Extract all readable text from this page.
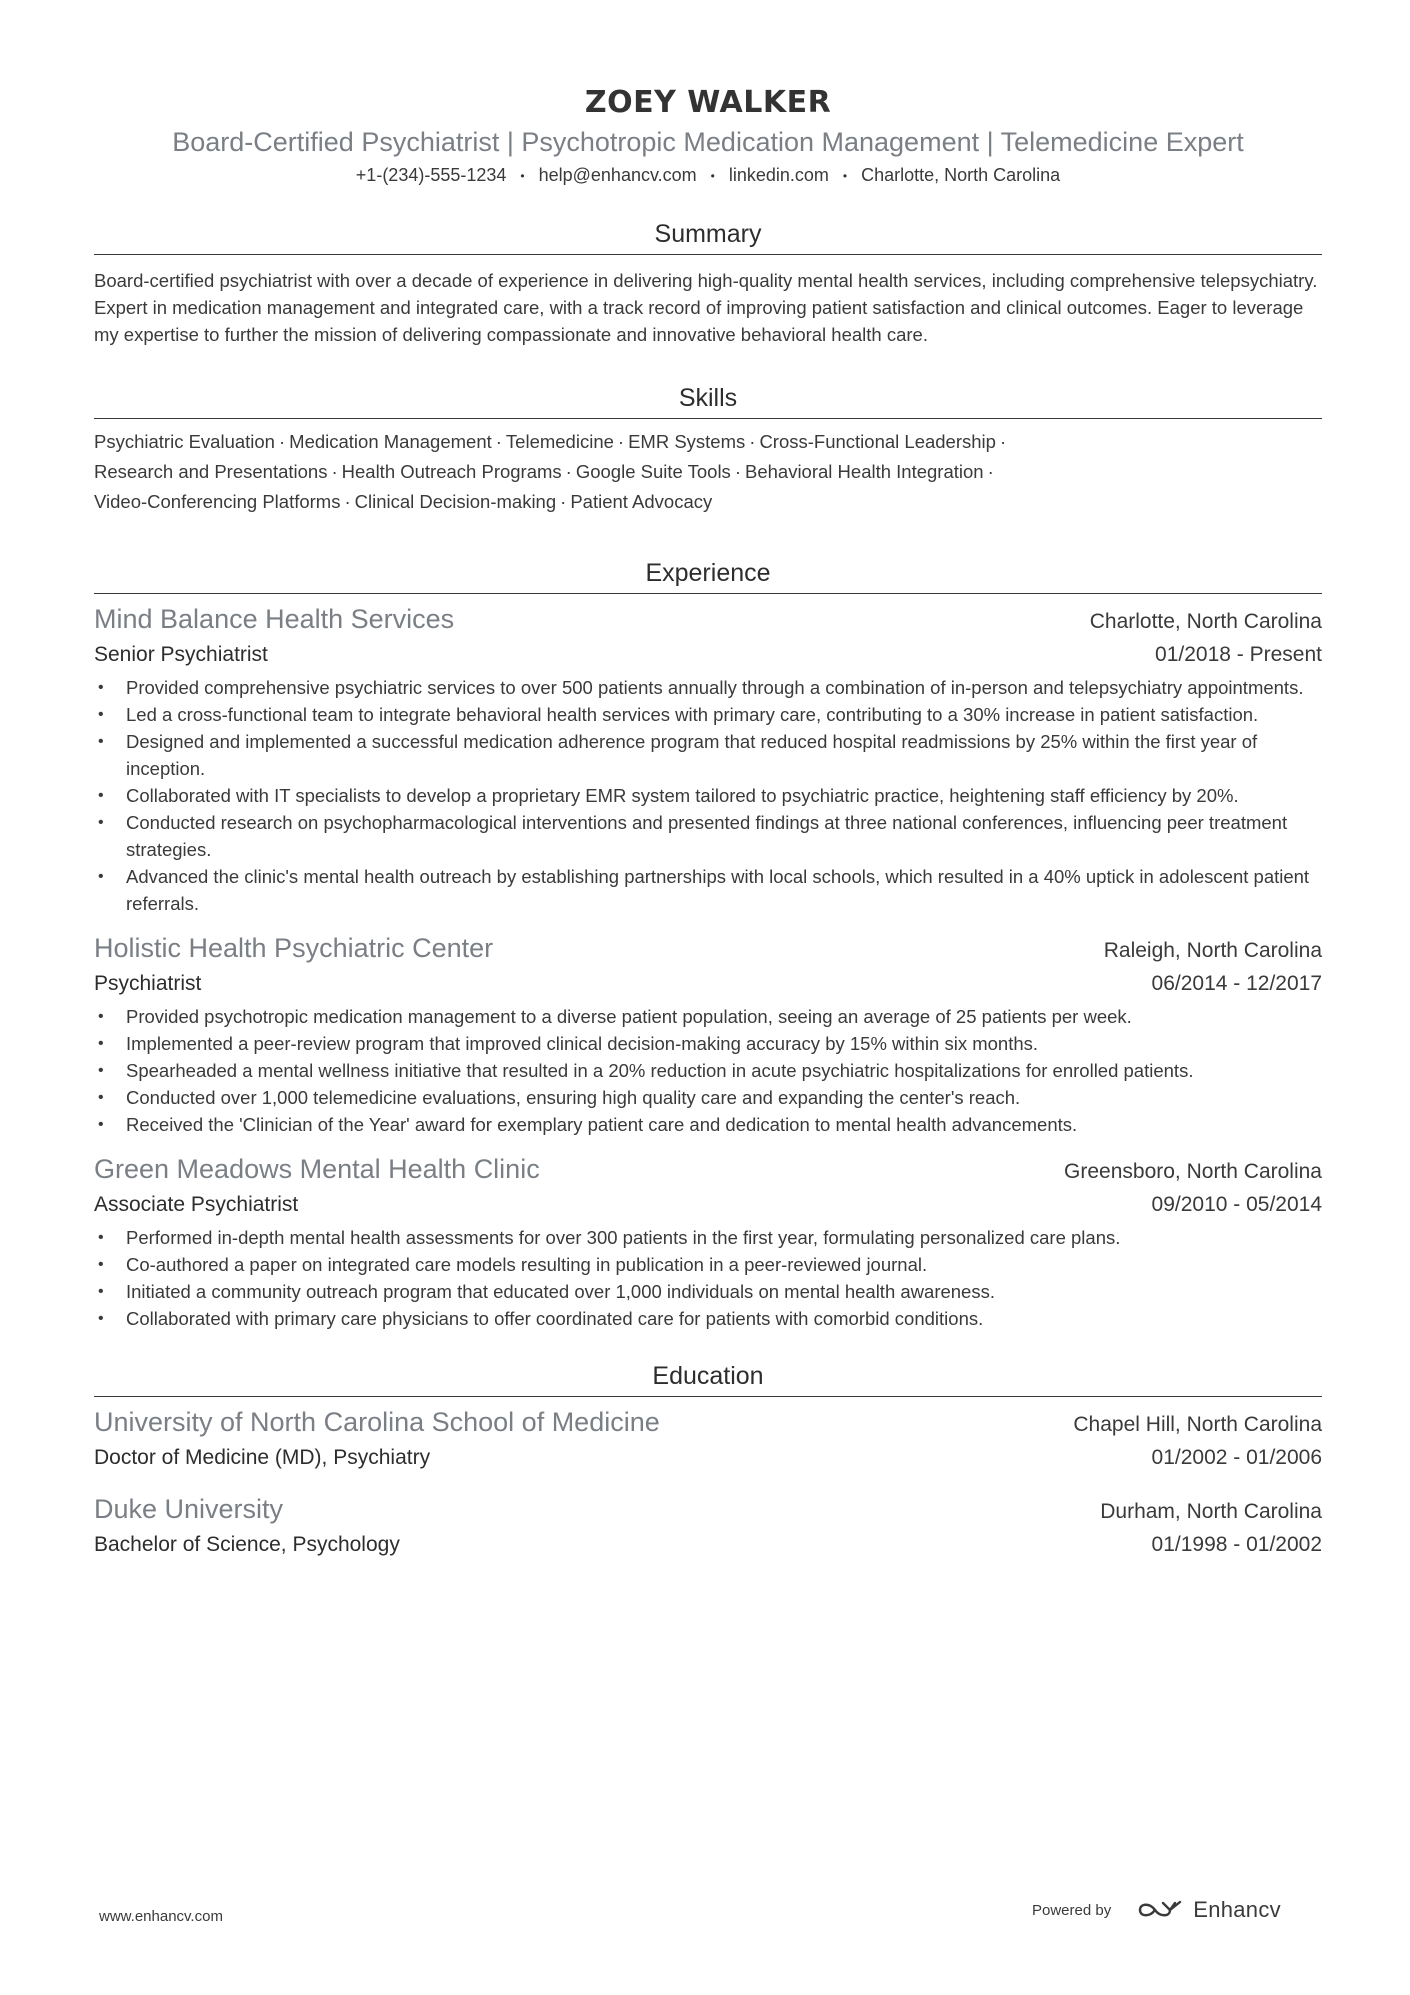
ZOEY WALKER
Board-Certified Psychiatrist | Psychotropic Medication Management | Telemedicine Expert
+1-(234)-555-1234 • help@enhancv.com • linkedin.com • Charlotte, North Carolina
Summary

Board-certified psychiatrist with over a decade of experience in delivering high-quality mental health services, including comprehensive telepsychiatry. Expert in medication management and integrated care, with a track record of improving patient satisfaction and clinical outcomes. Eager to leverage my expertise to further the mission of delivering compassionate and innovative behavioral health care.

Skills
Psychiatric Evaluation · Medication Management · Telemedicine · EMR Systems · Cross-Functional Leadership ·
Research and Presentations · Health Outreach Programs · Google Suite Tools · Behavioral Health Integration ·
Video-Conferencing Platforms · Clinical Decision-making · Patient Advocacy
Experience
Mind Balance Health Services	Charlotte, North Carolina
Senior Psychiatrist	01/2018 - Present
• Provided comprehensive psychiatric services to over 500 patients annually through a combination of in-person and telepsychiatry appointments.
• Led a cross-functional team to integrate behavioral health services with primary care, contributing to a 30% increase in patient satisfaction.
• Designed and implemented a successful medication adherence program that reduced hospital readmissions by 25% within the first year of inception.
• Collaborated with IT specialists to develop a proprietary EMR system tailored to psychiatric practice, heightening staff efficiency by 20%.
• Conducted research on psychopharmacological interventions and presented findings at three national conferences, influencing peer treatment strategies.
• Advanced the clinic's mental health outreach by establishing partnerships with local schools, which resulted in a 40% uptick in adolescent patient referrals.
Holistic Health Psychiatric Center	Raleigh, North Carolina
Psychiatrist	06/2014 - 12/2017
• Provided psychotropic medication management to a diverse patient population, seeing an average of 25 patients per week.
• Implemented a peer-review program that improved clinical decision-making accuracy by 15% within six months.
• Spearheaded a mental wellness initiative that resulted in a 20% reduction in acute psychiatric hospitalizations for enrolled patients.
• Conducted over 1,000 telemedicine evaluations, ensuring high quality care and expanding the center's reach.
• Received the 'Clinician of the Year' award for exemplary patient care and dedication to mental health advancements.
Green Meadows Mental Health Clinic	Greensboro, North Carolina
Associate Psychiatrist	09/2010 - 05/2014
• Performed in-depth mental health assessments for over 300 patients in the first year, formulating personalized care plans.
• Co-authored a paper on integrated care models resulting in publication in a peer-reviewed journal.
• Initiated a community outreach program that educated over 1,000 individuals on mental health awareness.
• Collaborated with primary care physicians to offer coordinated care for patients with comorbid conditions.
Education
University of North Carolina School of Medicine	Chapel Hill, North Carolina
Doctor of Medicine (MD), Psychiatry	01/2002 - 01/2006
Duke University	Durham, North Carolina
Bachelor of Science, Psychology	01/1998 - 01/2002
www.enhancv.com	Powered by	Enhancv
